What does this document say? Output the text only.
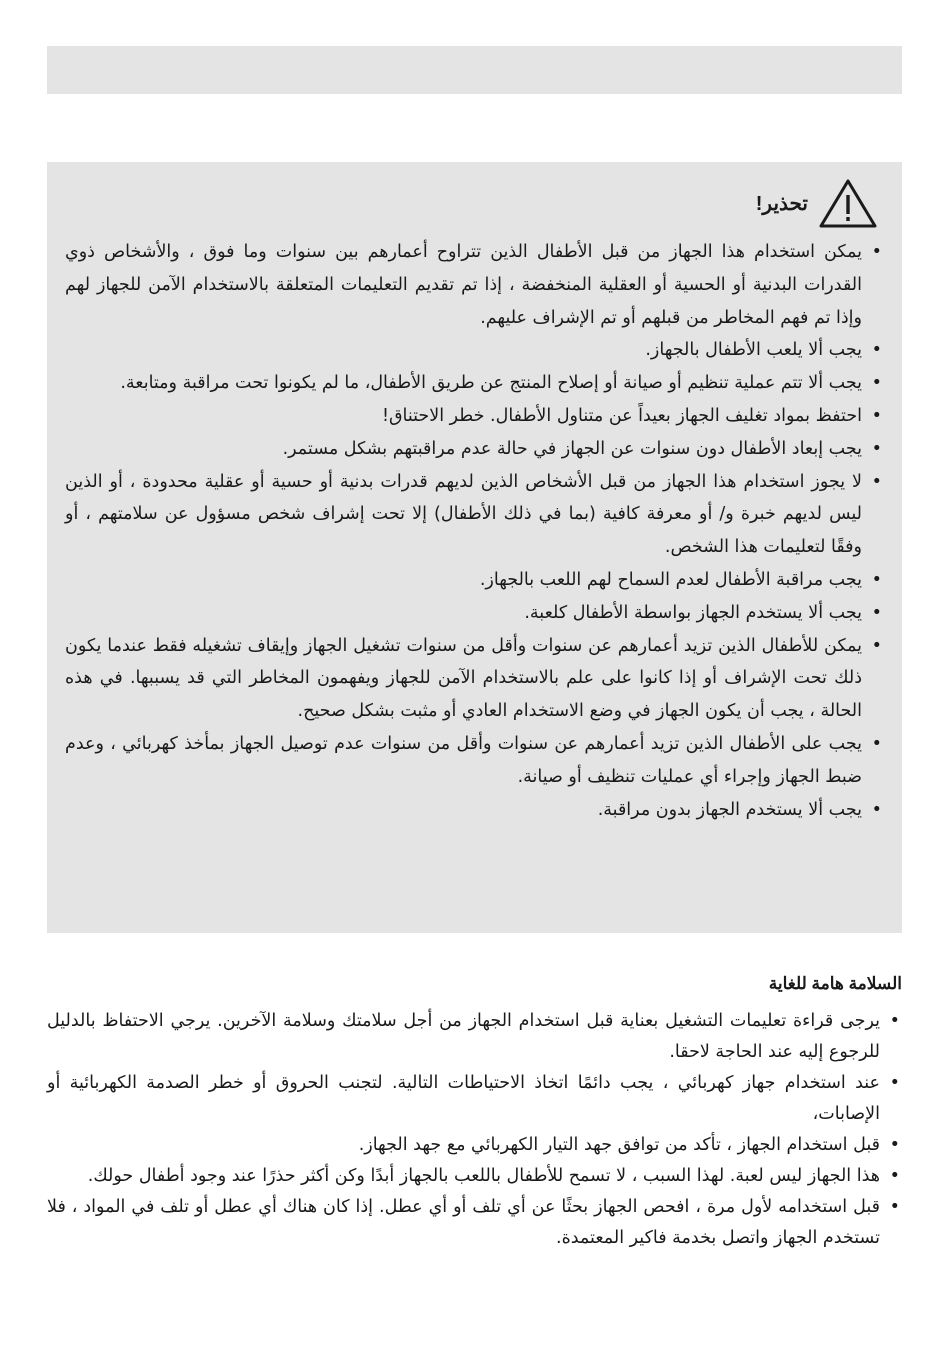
تحذير!
• يمكن استخدام هذا الجهاز من قبل الأطفال الذين تتراوح أعمارهم بين سنوات وما فوق ، والأشخاص ذوي القدرات البدنية أو الحسية أو العقلية المنخفضة ، إذا تم تقديم التعليمات المتعلقة بالاستخدام الآمن للجهاز لهم وإذا تم فهم المخاطر من قبلهم أو تم الإشراف عليهم.
• يجب ألا يلعب الأطفال بالجهاز.
• يجب ألا تتم عملية تنظيم أو صيانة أو إصلاح المنتج عن طريق الأطفال، ما لم يكونوا تحت مراقبة ومتابعة.
• احتفظ بمواد تغليف الجهاز بعيداً عن متناول الأطفال. خطر الاحتناق!
• يجب إبعاد الأطفال دون سنوات عن الجهاز في حالة عدم مراقبتهم بشكل مستمر.
• لا يجوز استخدام هذا الجهاز من قبل الأشخاص الذين لديهم قدرات بدنية أو حسية أو عقلية محدودة ، أو الذين ليس لديهم خبرة و/ أو معرفة كافية (بما في ذلك الأطفال) إلا تحت إشراف شخص مسؤول عن سلامتهم ، أو وفقًا لتعليمات هذا الشخص.
• يجب مراقبة الأطفال لعدم السماح لهم اللعب بالجهاز.
• يجب ألا يستخدم الجهاز بواسطة الأطفال كلعبة.
• يمكن للأطفال الذين تزيد أعمارهم عن سنوات وأقل من سنوات تشغيل الجهاز وإيقاف تشغيله فقط عندما يكون ذلك تحت الإشراف أو إذا كانوا على علم بالاستخدام الآمن للجهاز ويفهمون المخاطر التي قد يسببها. في هذه الحالة ، يجب أن يكون الجهاز في وضع الاستخدام العادي أو مثبت بشكل صحيح.
• يجب على الأطفال الذين تزيد أعمارهم عن سنوات وأقل من سنوات عدم توصيل الجهاز بمأخذ كهربائي ، وعدم ضبط الجهاز وإجراء أي عمليات تنظيف أو صيانة.
• يجب ألا يستخدم الجهاز بدون مراقبة.
السلامة هامة للغاية
• يرجى قراءة تعليمات التشغيل بعناية قبل استخدام الجهاز من أجل سلامتك وسلامة الآخرين. يرجي الاحتفاظ بالدليل للرجوع إليه عند الحاجة لاحقا.
• عند استخدام جهاز كهربائي ، يجب دائمًا اتخاذ الاحتياطات التالية. لتجنب الحروق أو خطر الصدمة الكهربائية أو الإصابات،
• قبل استخدام الجهاز ، تأكد من توافق جهد التيار الكهربائي مع جهد الجهاز.
• هذا الجهاز ليس لعبة. لهذا السبب ، لا تسمح للأطفال باللعب بالجهاز أبدًا وكن أكثر حذرًا عند وجود أطفال حولك.
• قبل استخدامه لأول مرة ، افحص الجهاز بحثًا عن أي تلف أو أي عطل. إذا كان هناك أي عطل أو تلف في المواد ، فلا تستخدم الجهاز واتصل بخدمة فاكير المعتمدة.
